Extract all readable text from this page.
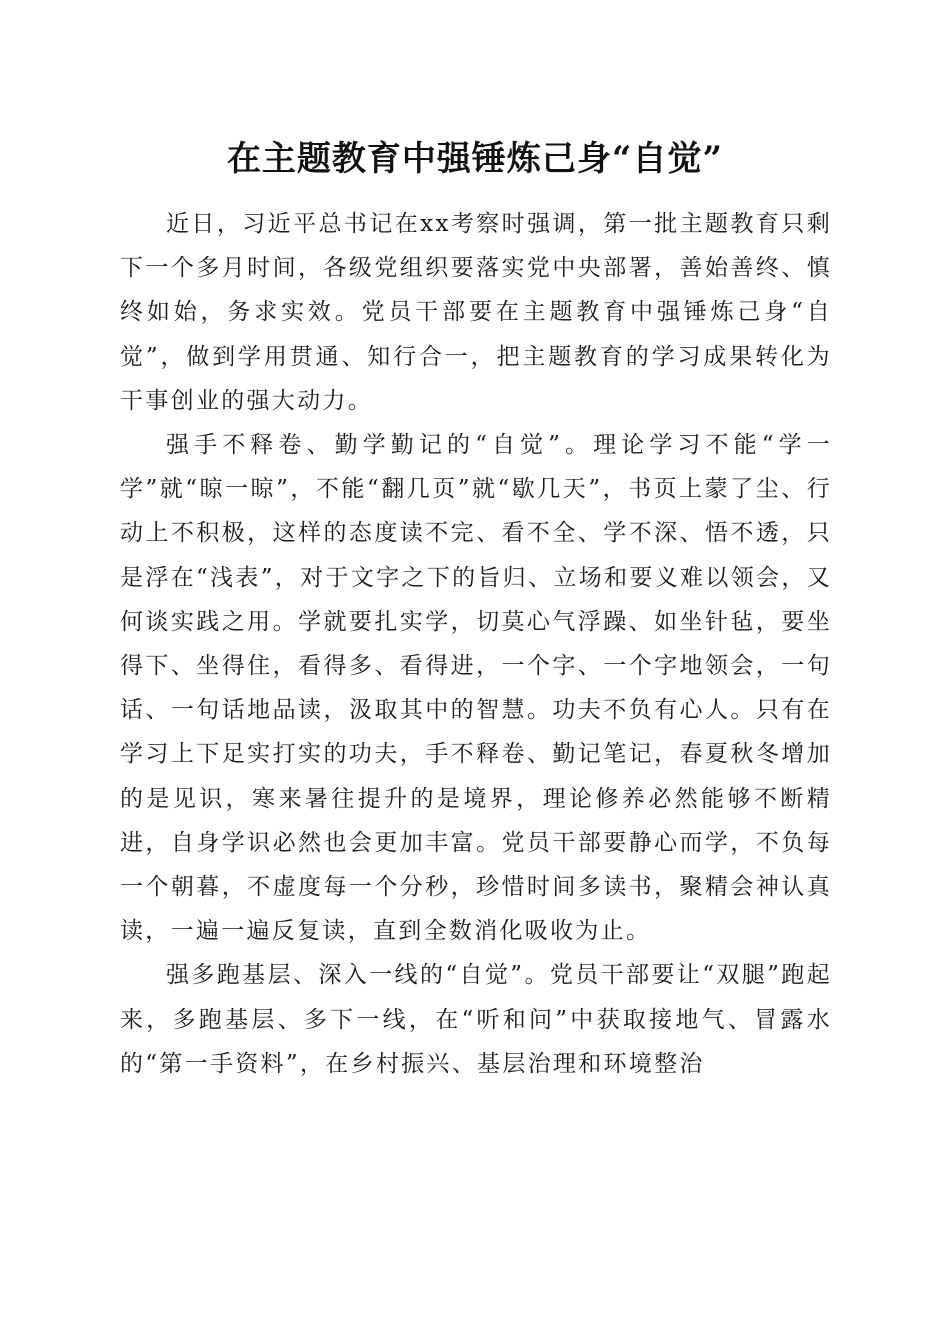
在主题教育中强锤炼己身“自觉”

近日，习近平总书记在xx考察时强调，第一批主题教育只剩下一个多月时间，各级党组织要落实党中央部署，善始善终、慎终如始，务求实效。党员干部要在主题教育中强锤炼己身“自觉”，做到学用贯通、知行合一，把主题教育的学习成果转化为干事创业的强大动力。

强手不释卷、勤学勤记的“自觉”。理论学习不能“学一学”就“晾一晾”，不能“翻几页”就“歇几天”，书页上蒙了尘、行动上不积极，这样的态度读不完、看不全、学不深、悟不透，只是浮在“浅表”，对于文字之下的旨归、立场和要义难以领会，又何谈实践之用。学就要扎实学，切莫心气浮躁、如坐针毡，要坐得下、坐得住，看得多、看得进，一个字、一个字地领会，一句话、一句话地品读，汲取其中的智慧。功夫不负有心人。只有在学习上下足实打实的功夫，手不释卷、勤记笔记，春夏秋冬增加的是见识，寒来暑往提升的是境界，理论修养必然能够不断精进，自身学识必然也会更加丰富。党员干部要静心而学，不负每一个朝暮，不虚度每一个分秒，珍惜时间多读书，聚精会神认真读，一遍一遍反复读，直到全数消化吸收为止。

强多跑基层、深入一线的“自觉”。党员干部要让“双腿”跑起来，多跑基层、多下一线，在“听和问”中获取接地气、冒露水的“第一手资料”，在乡村振兴、基层治理和环境整治
